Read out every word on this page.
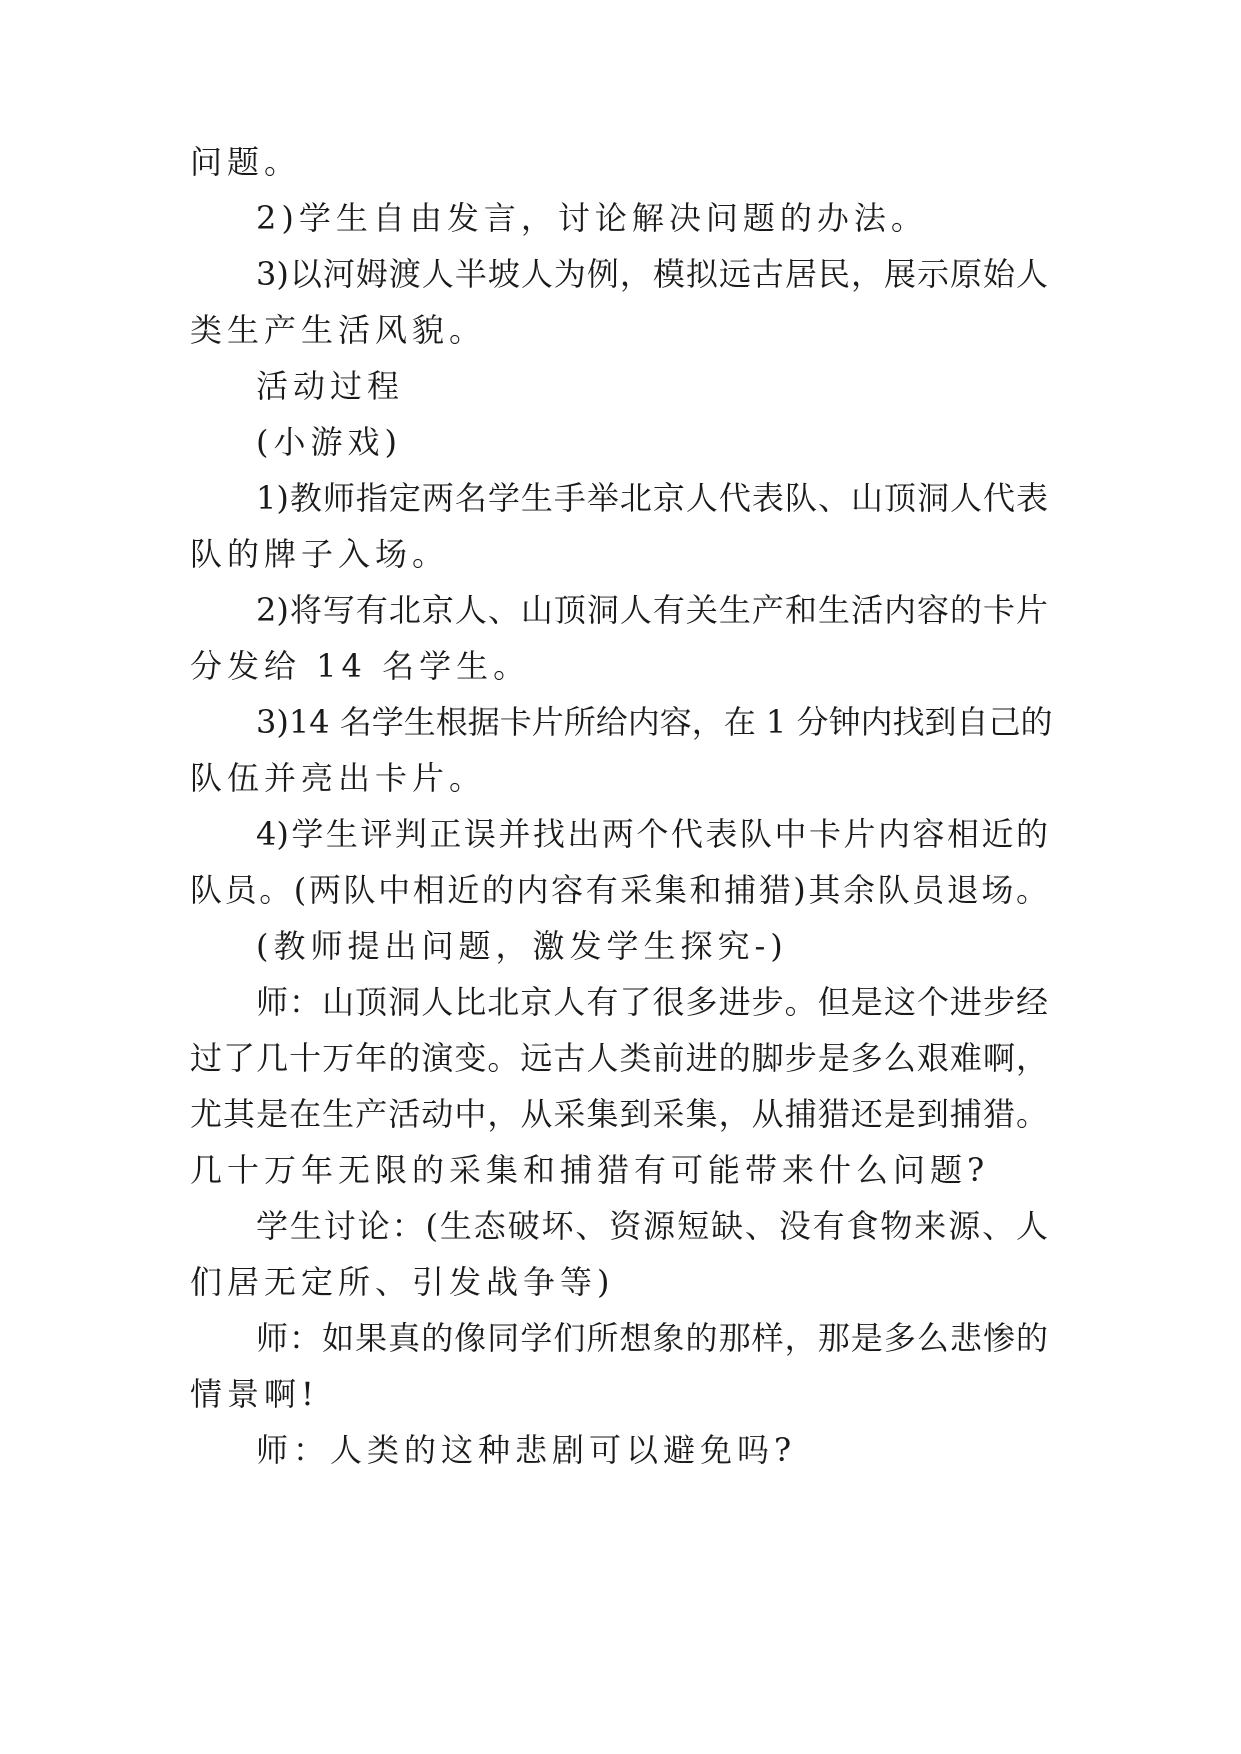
问题。

2)学生自由发言，讨论解决问题的办法。

3)以河姆渡人半坡人为例，模拟远古居民，展示原始人

类生产生活风貌。

活动过程

(小游戏)

1)教师指定两名学生手举北京人代表队、山顶洞人代表

队的牌子入场。

2)将写有北京人、山顶洞人有关生产和生活内容的卡片

分发给 14 名学生。

3)14 名学生根据卡片所给内容，在 1 分钟内找到自己的

队伍并亮出卡片。

4)学生评判正误并找出两个代表队中卡片内容相近的

队员。(两队中相近的内容有采集和捕猎)其余队员退场。

(教师提出问题，激发学生探究-)

师：山顶洞人比北京人有了很多进步。但是这个进步经

过了几十万年的演变。远古人类前进的脚步是多么艰难啊，

尤其是在生产活动中，从采集到采集，从捕猎还是到捕猎。

几十万年无限的采集和捕猎有可能带来什么问题?

学生讨论：(生态破坏、资源短缺、没有食物来源、人

们居无定所、引发战争等)

师：如果真的像同学们所想象的那样，那是多么悲惨的

情景啊!

师：人类的这种悲剧可以避免吗?
